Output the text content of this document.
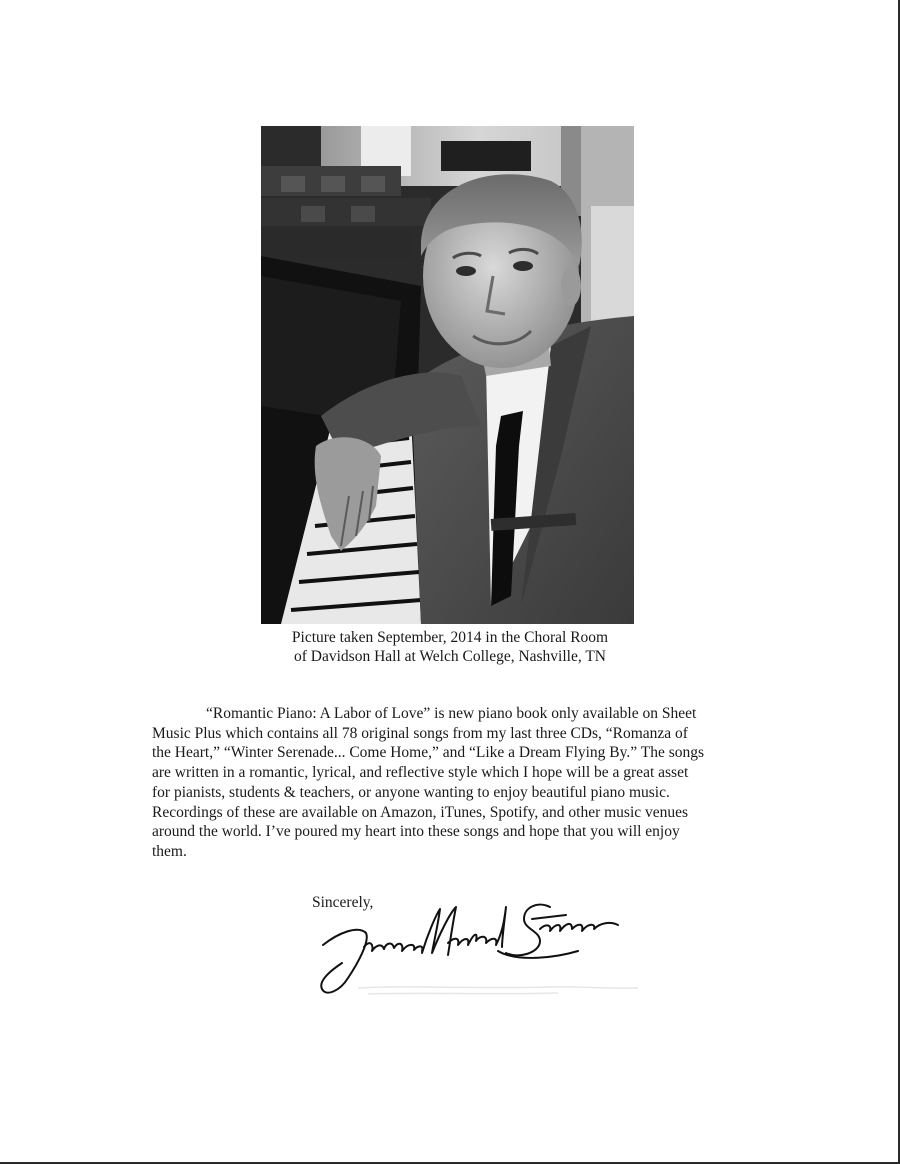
Picture taken September, 2014 in the Choral Room
of Davidson Hall at Welch College, Nashville, TN
“Romantic Piano: A Labor of Love” is new piano book only available on Sheet
Music Plus which contains all 78 original songs from my last three CDs, “Romanza of
the Heart,” “Winter Serenade... Come Home,” and “Like a Dream Flying By.” The songs
are written in a romantic, lyrical, and reflective style which I hope will be a great asset
for pianists, students & teachers, or anyone wanting to enjoy beautiful piano music.
Recordings of these are available on Amazon, iTunes, Spotify, and other music venues
around the world. I’ve poured my heart into these songs and hope that you will enjoy
them.
Sincerely,
